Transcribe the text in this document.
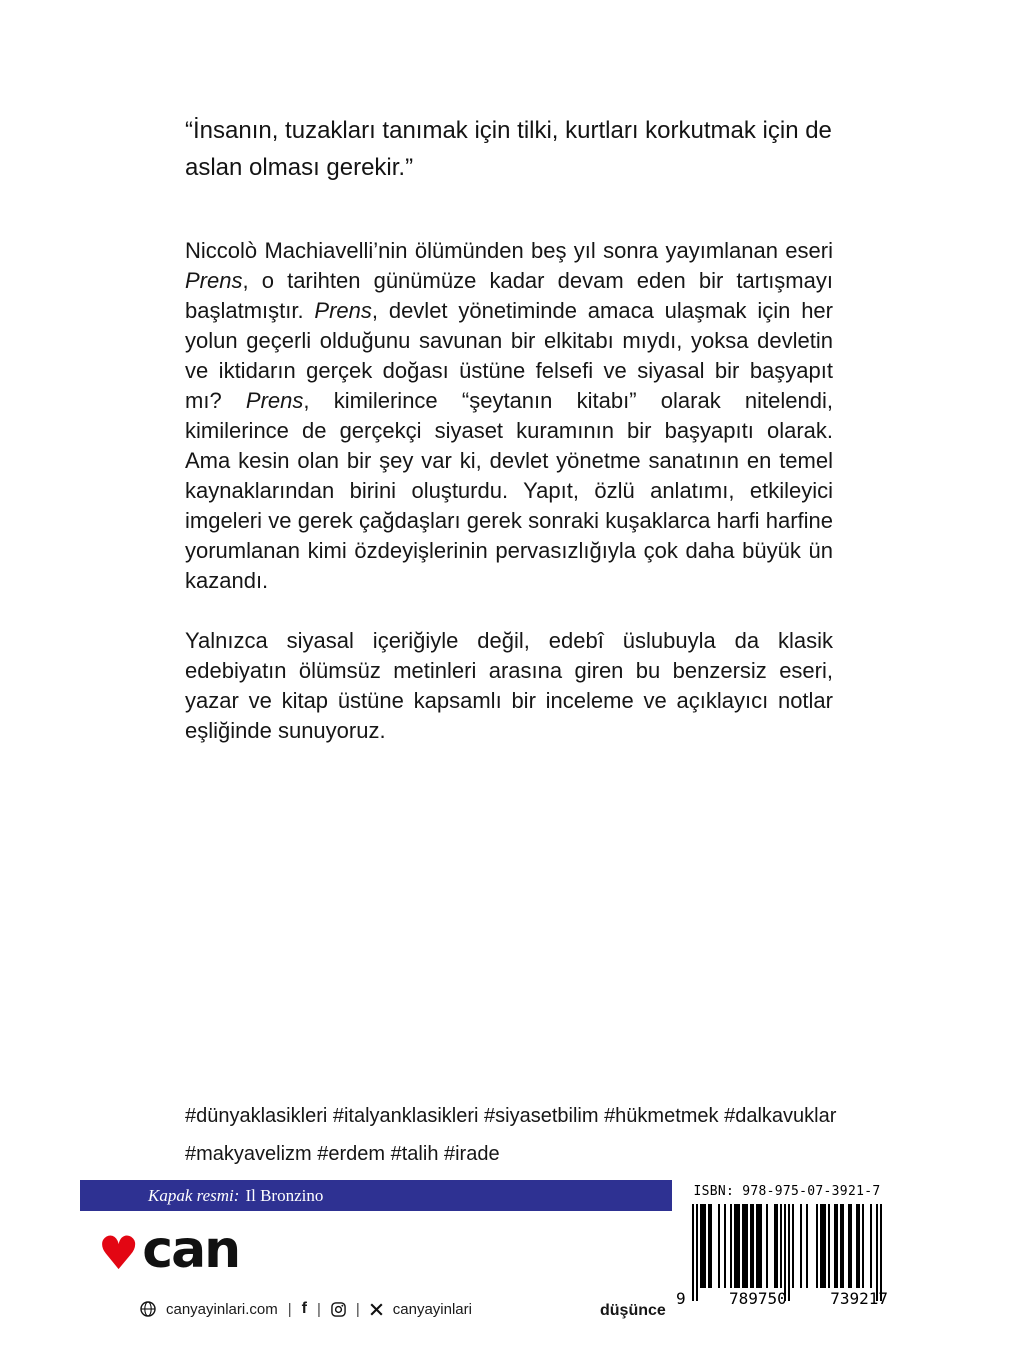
“İnsanın, tuzakları tanımak için tilki, kurtları korkutmak için de aslan olması gerekir.”

Niccolò Machiavelli’nin ölümünden beş yıl sonra yayımlanan eseri Prens, o tarihten günümüze kadar devam eden bir tartışmayı başlatmıştır. Prens, devlet yönetiminde amaca ulaşmak için her yolun geçerli olduğunu savunan bir elkitabı mıydı, yoksa devletin ve iktidarın gerçek doğası üstüne felsefi ve siyasal bir başyapıt mı? Prens, kimilerince “şeytanın kitabı” olarak nitelendi, kimilerince de gerçekçi siyaset kuramının bir başyapıtı olarak. Ama kesin olan bir şey var ki, devlet yönetme sanatının en temel kaynaklarından birini oluşturdu. Yapıt, özlü anlatımı, etkileyici imgeleri ve gerek çağdaşları gerek sonraki kuşaklarca harfi harfine yorumlanan kimi özdeyişlerinin pervasızlığıyla çok daha büyük ün kazandı.

Yalnızca siyasal içeriğiyle değil, edebî üslubuyla da klasik edebiyatın ölümsüz metinleri arasına giren bu benzersiz eseri, yazar ve kitap üstüne kapsamlı bir inceleme ve açıklayıcı notlar eşliğinde sunuyoruz.

#dünyaklasikleri #italyanklasikleri #siyasetbilim #hükmetmek #dalkavuklar

#makyavelizm #erdem #talih #irade

Kapak resmi: Il Bronzino
♥ can
canyayinlari.com | f | | canyayinlari	düşünce
ISBN: 978-975-07-3921-7
9	789750	739217
